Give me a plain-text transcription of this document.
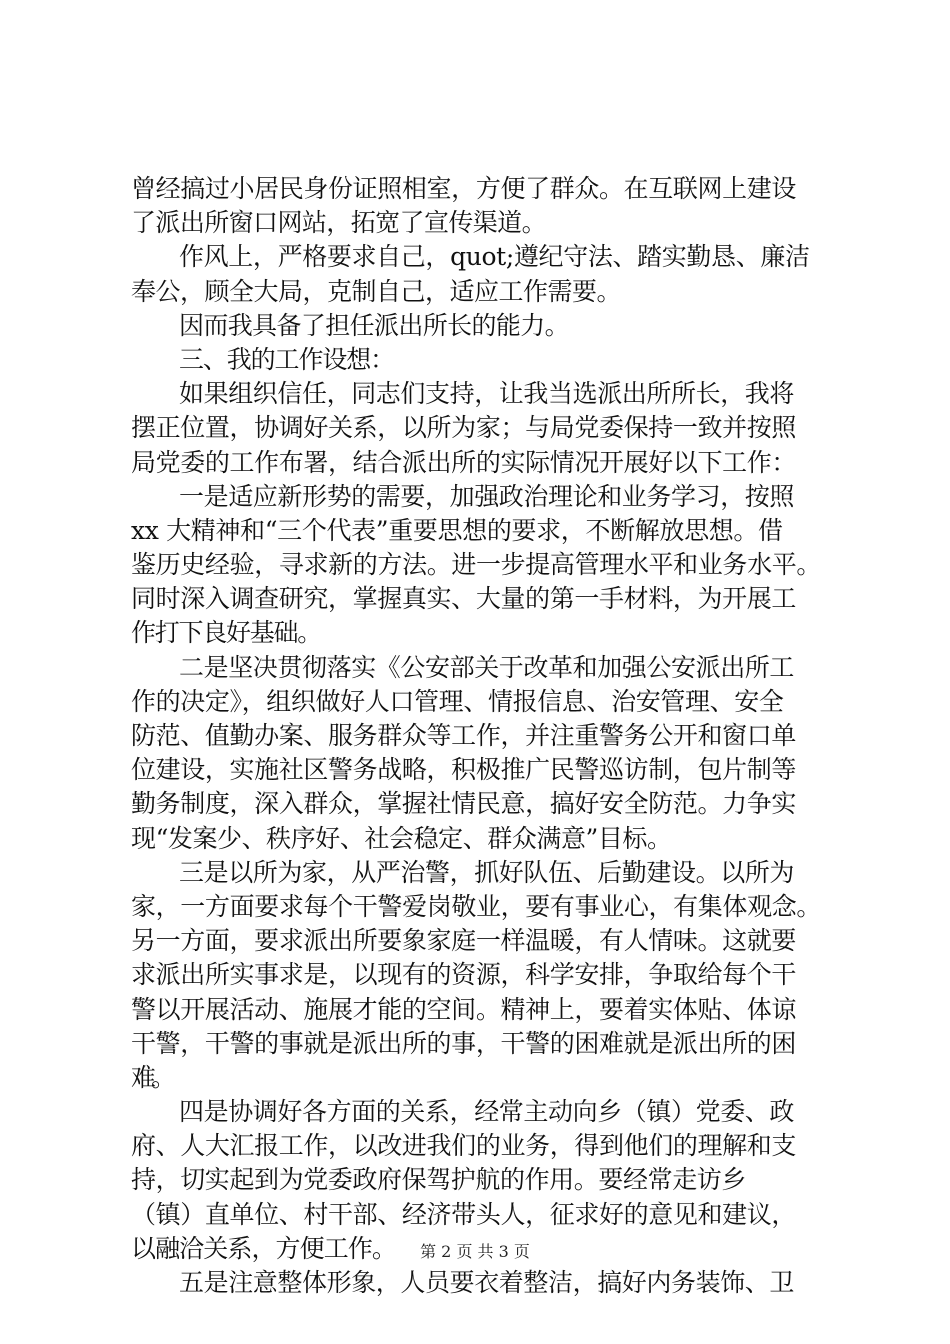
曾经搞过小居民身份证照相室，方便了群众。在互联网上建设
了派出所窗口网站，拓宽了宣传渠道。
作风上，严格要求自己，quot;遵纪守法、踏实勤恳、廉洁
奉公，顾全大局，克制自己，适应工作需要。
因而我具备了担任派出所长的能力。
三、我的工作设想：
如果组织信任，同志们支持，让我当选派出所所长，我将
摆正位置，协调好关系，以所为家；与局党委保持一致并按照
局党委的工作布署，结合派出所的实际情况开展好以下工作：
一是适应新形势的需要，加强政治理论和业务学习，按照
xx 大精神和“三个代表”重要思想的要求，不断解放思想。借
鉴历史经验，寻求新的方法。进一步提高管理水平和业务水平。
同时深入调查研究，掌握真实、大量的第一手材料，为开展工
作打下良好基础。
二是坚决贯彻落实《公安部关于改革和加强公安派出所工
作的决定》，组织做好人口管理、情报信息、治安管理、安全
防范、值勤办案、服务群众等工作，并注重警务公开和窗口单
位建设，实施社区警务战略，积极推广民警巡访制，包片制等
勤务制度，深入群众，掌握社情民意，搞好安全防范。力争实
现“发案少、秩序好、社会稳定、群众满意”目标。
三是以所为家，从严治警，抓好队伍、后勤建设。以所为
家，一方面要求每个干警爱岗敬业，要有事业心，有集体观念。
另一方面，要求派出所要象家庭一样温暖，有人情味。这就要
求派出所实事求是，以现有的资源，科学安排，争取给每个干
警以开展活动、施展才能的空间。精神上，要着实体贴、体谅
干警，干警的事就是派出所的事，干警的困难就是派出所的困
难。
四是协调好各方面的关系，经常主动向乡（镇）党委、政
府、人大汇报工作，以改进我们的业务，得到他们的理解和支
持，切实起到为党委政府保驾护航的作用。要经常走访乡
（镇）直单位、村干部、经济带头人，征求好的意见和建议，
以融洽关系，方便工作。
五是注意整体形象，人员要衣着整洁，搞好内务装饰、卫
第 2 页 共 3 页
